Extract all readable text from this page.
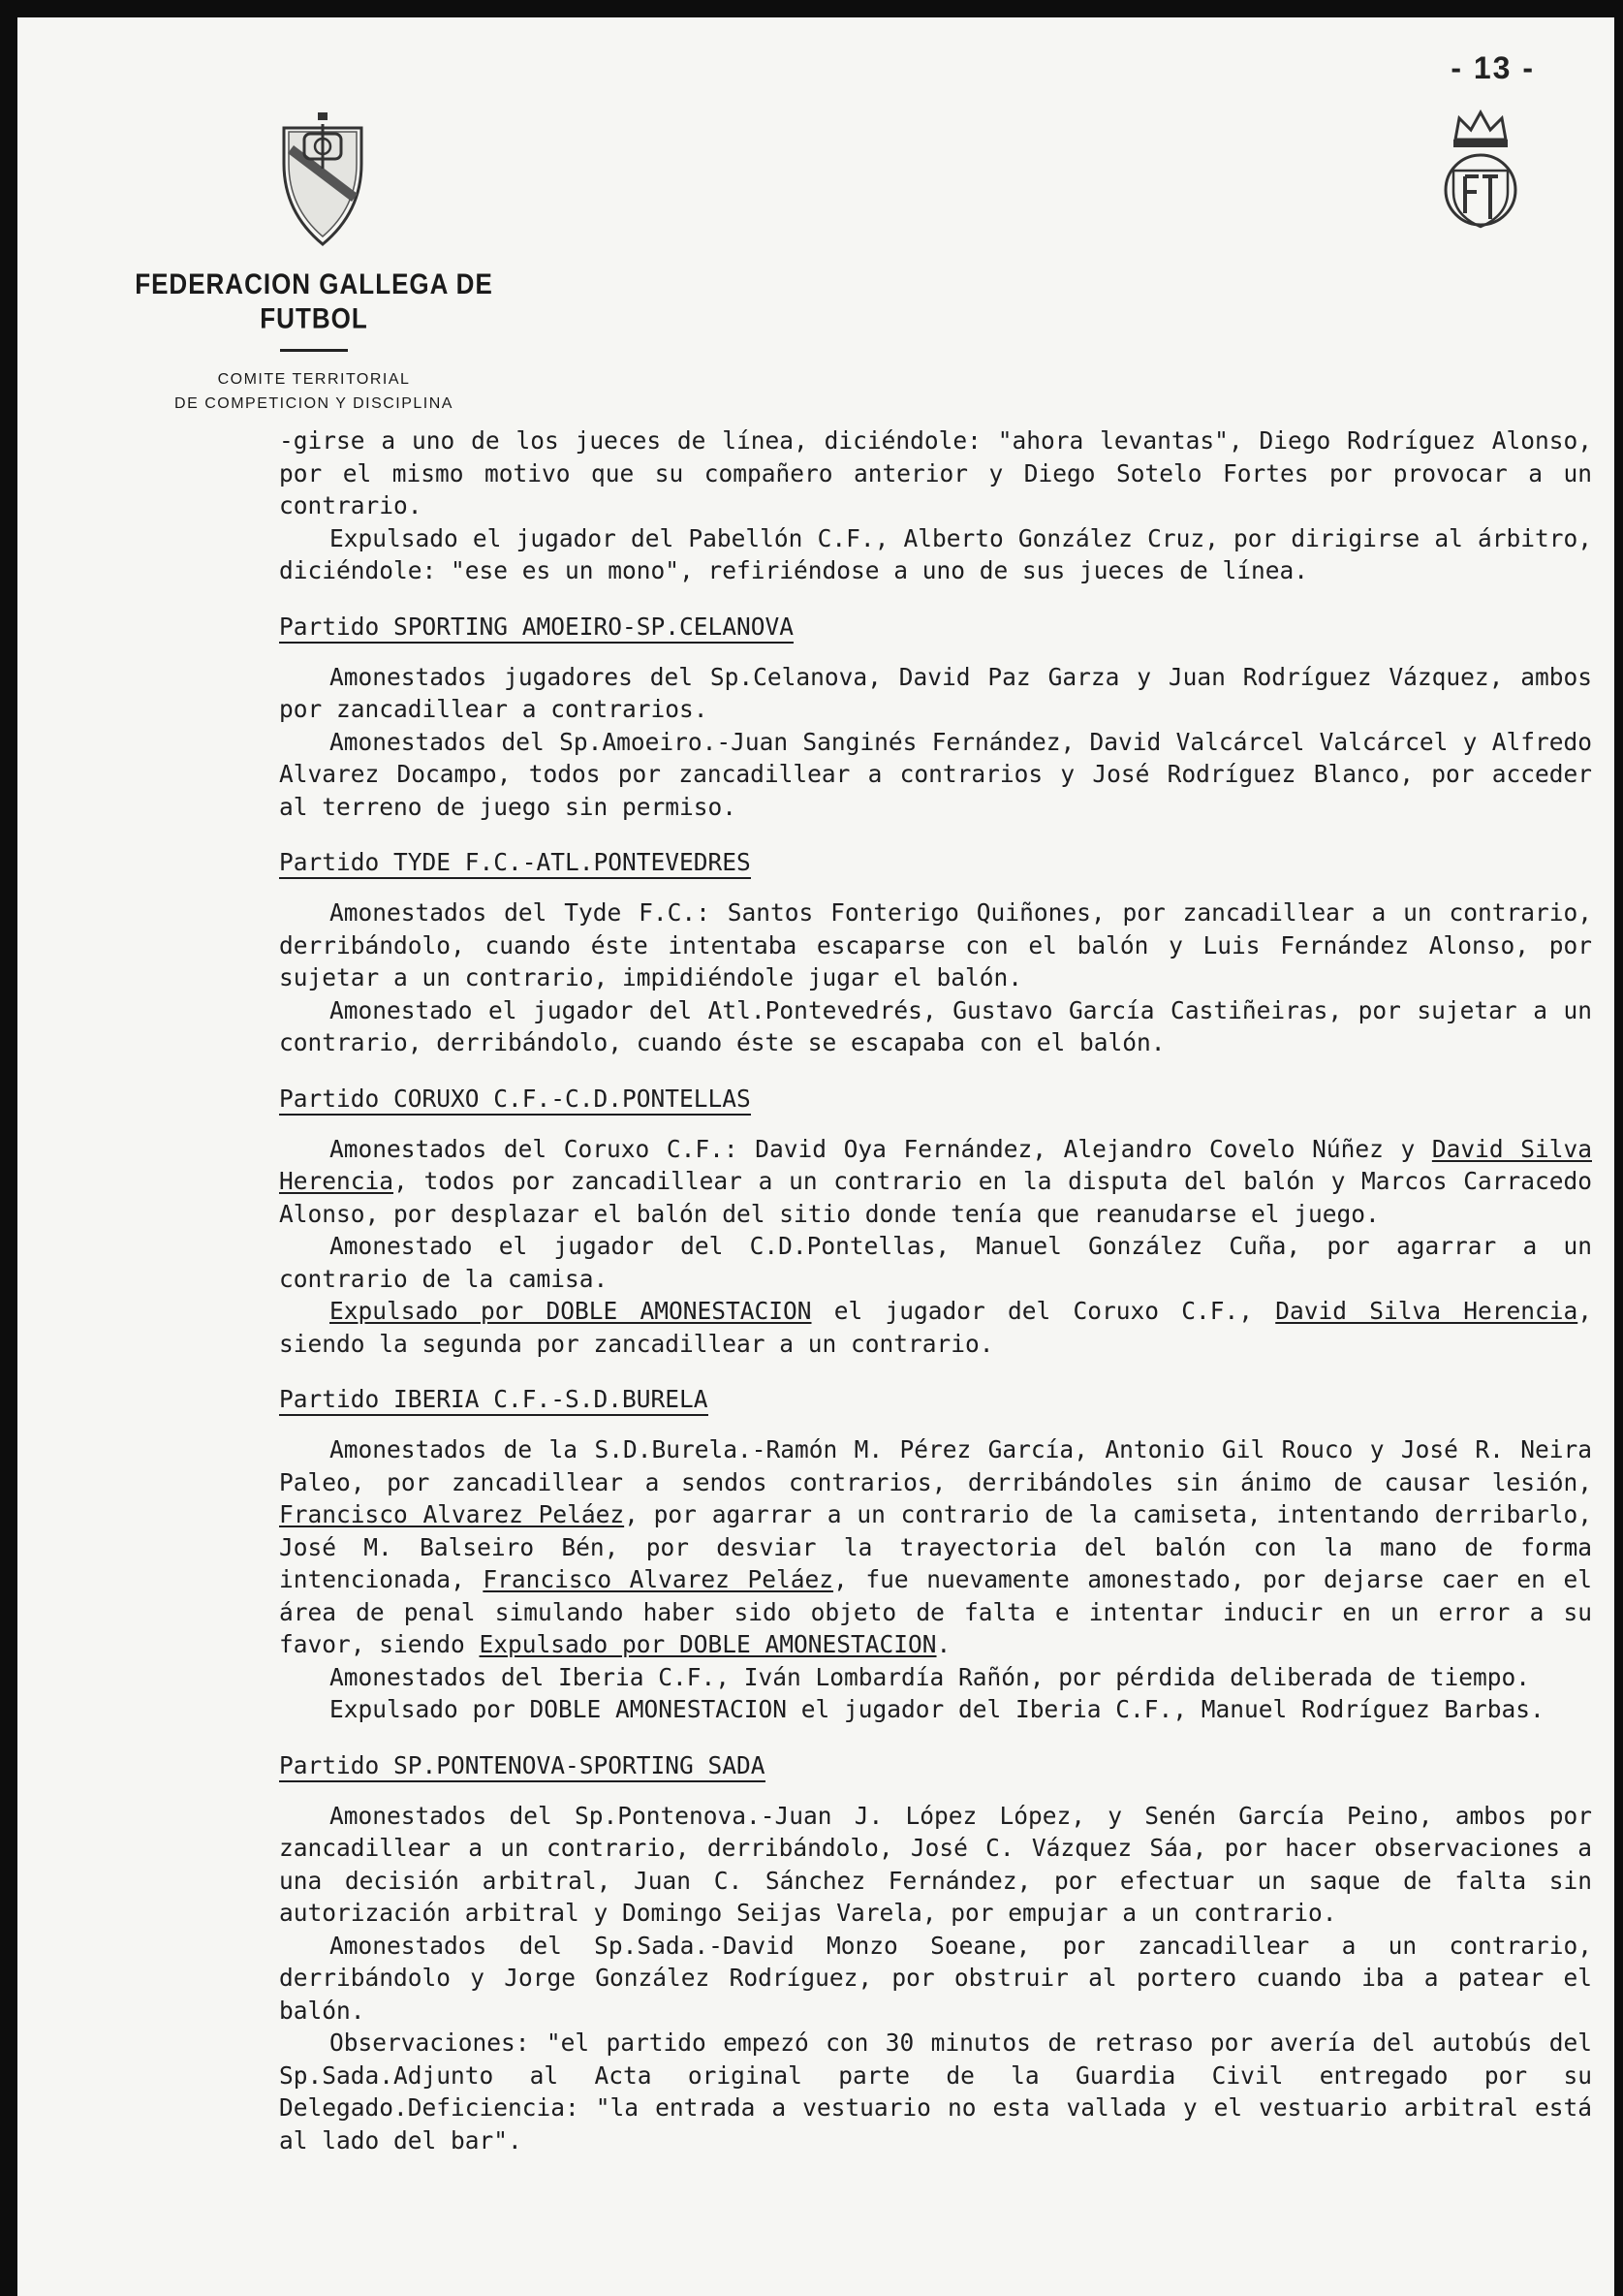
- 13 -
FEDERACION GALLEGA DE FUTBOL
COMITE TERRITORIAL
DE COMPETICION Y DISCIPLINA

-girse a uno de los jueces de línea, diciéndole: "ahora levantas", Diego Rodríguez Alonso, por el mismo motivo que su compañero anterior y Diego Sotelo Fortes por provocar a un contrario.

Expulsado el jugador del Pabellón C.F., Alberto González Cruz, por dirigirse al árbitro, diciéndole: "ese es un mono", refiriéndose a uno de sus jueces de línea.

Partido SPORTING AMOEIRO-SP.CELANOVA

Amonestados jugadores del Sp.Celanova, David Paz Garza y Juan Rodríguez Vázquez, ambos por zancadillear a contrarios.

Amonestados del Sp.Amoeiro.-Juan Sanginés Fernández, David Valcárcel Valcárcel y Alfredo Alvarez Docampo, todos por zancadillear a contrarios y José Rodríguez Blanco, por acceder al terreno de juego sin permiso.

Partido TYDE F.C.-ATL.PONTEVEDRES

Amonestados del Tyde F.C.: Santos Fonterigo Quiñones, por zancadillear a un contrario, derribándolo, cuando éste intentaba escaparse con el balón y Luis Fernández Alonso, por sujetar a un contrario, impidiéndole jugar el balón.

Amonestado el jugador del Atl.Pontevedrés, Gustavo García Castiñeiras, por sujetar a un contrario, derribándolo, cuando éste se escapaba con el balón.

Partido CORUXO C.F.-C.D.PONTELLAS

Amonestados del Coruxo C.F.: David Oya Fernández, Alejandro Covelo Núñez y David Silva Herencia, todos por zancadillear a un contrario en la disputa del balón y Marcos Carracedo Alonso, por desplazar el balón del sitio donde tenía que reanudarse el juego.

Amonestado el jugador del C.D.Pontellas, Manuel González Cuña, por agarrar a un contrario de la camisa.

Expulsado por DOBLE AMONESTACION el jugador del Coruxo C.F., David Silva Herencia, siendo la segunda por zancadillear a un contrario.

Partido IBERIA C.F.-S.D.BURELA

Amonestados de la S.D.Burela.-Ramón M. Pérez García, Antonio Gil Rouco y José R. Neira Paleo, por zancadillear a sendos contrarios, derribándoles sin ánimo de causar lesión, Francisco Alvarez Peláez, por agarrar a un contrario de la camiseta, intentando derribarlo, José M. Balseiro Bén, por desviar la trayectoria del balón con la mano de forma intencionada, Francisco Alvarez Peláez, fue nuevamente amonestado, por dejarse caer en el área de penal simulando haber sido objeto de falta e intentar inducir en un error a su favor, siendo Expulsado por DOBLE AMONESTACION.

Amonestados del Iberia C.F., Iván Lombardía Rañón, por pérdida deliberada de tiempo.

Expulsado por DOBLE AMONESTACION el jugador del Iberia C.F., Manuel Rodríguez Barbas.

Partido SP.PONTENOVA-SPORTING SADA

Amonestados del Sp.Pontenova.-Juan J. López López, y Senén García Peino, ambos por zancadillear a un contrario, derribándolo, José C. Vázquez Sáa, por hacer observaciones a una decisión arbitral, Juan C. Sánchez Fernández, por efectuar un saque de falta sin autorización arbitral y Domingo Seijas Varela, por empujar a un contrario.

Amonestados del Sp.Sada.-David Monzo Soeane, por zancadillear a un contrario, derribándolo y Jorge González Rodríguez, por obstruir al portero cuando iba a patear el balón.

Observaciones: "el partido empezó con 30 minutos de retraso por avería del autobús del Sp.Sada.Adjunto al Acta original parte de la Guardia Civil entregado por su Delegado.Deficiencia: "la entrada a vestuario no esta vallada y el vestuario arbitral está al lado del bar".
